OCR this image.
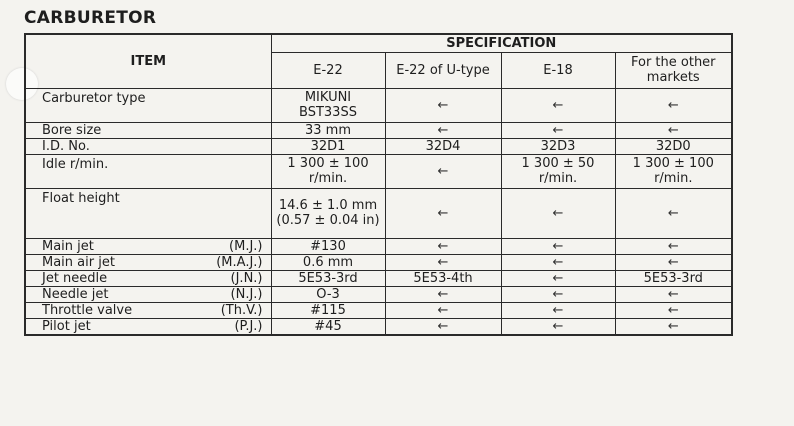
CARBURETOR
ITEM	SPECIFICATION			
	E-22	E-22 of U-type	E-18	For the other markets
Carburetor type	MIKUNI BST33SS	←	←	←
Bore size	33 mm	←	←	←
I.D. No.	32D1	32D4	32D3	32D0
Idle r/min.	1 300 ± 100 r/min.	←	1 300 ± 50 r/min.	1 300 ± 100 r/min.
Float height	14.6 ± 1.0 mm (0.57 ± 0.04 in)	←	←	←
Main jet (M.J.)	#130	←	←	←
Main air jet (M.A.J.)	0.6 mm	←	←	←
Jet needle (J.N.)	5E53-3rd	5E53-4th	←	5E53-3rd
Needle jet (N.J.)	O-3	←	←	←
Throttle valve (Th.V.)	#115	←	←	←
Pilot jet (P.J.)	#45	←	←	←
